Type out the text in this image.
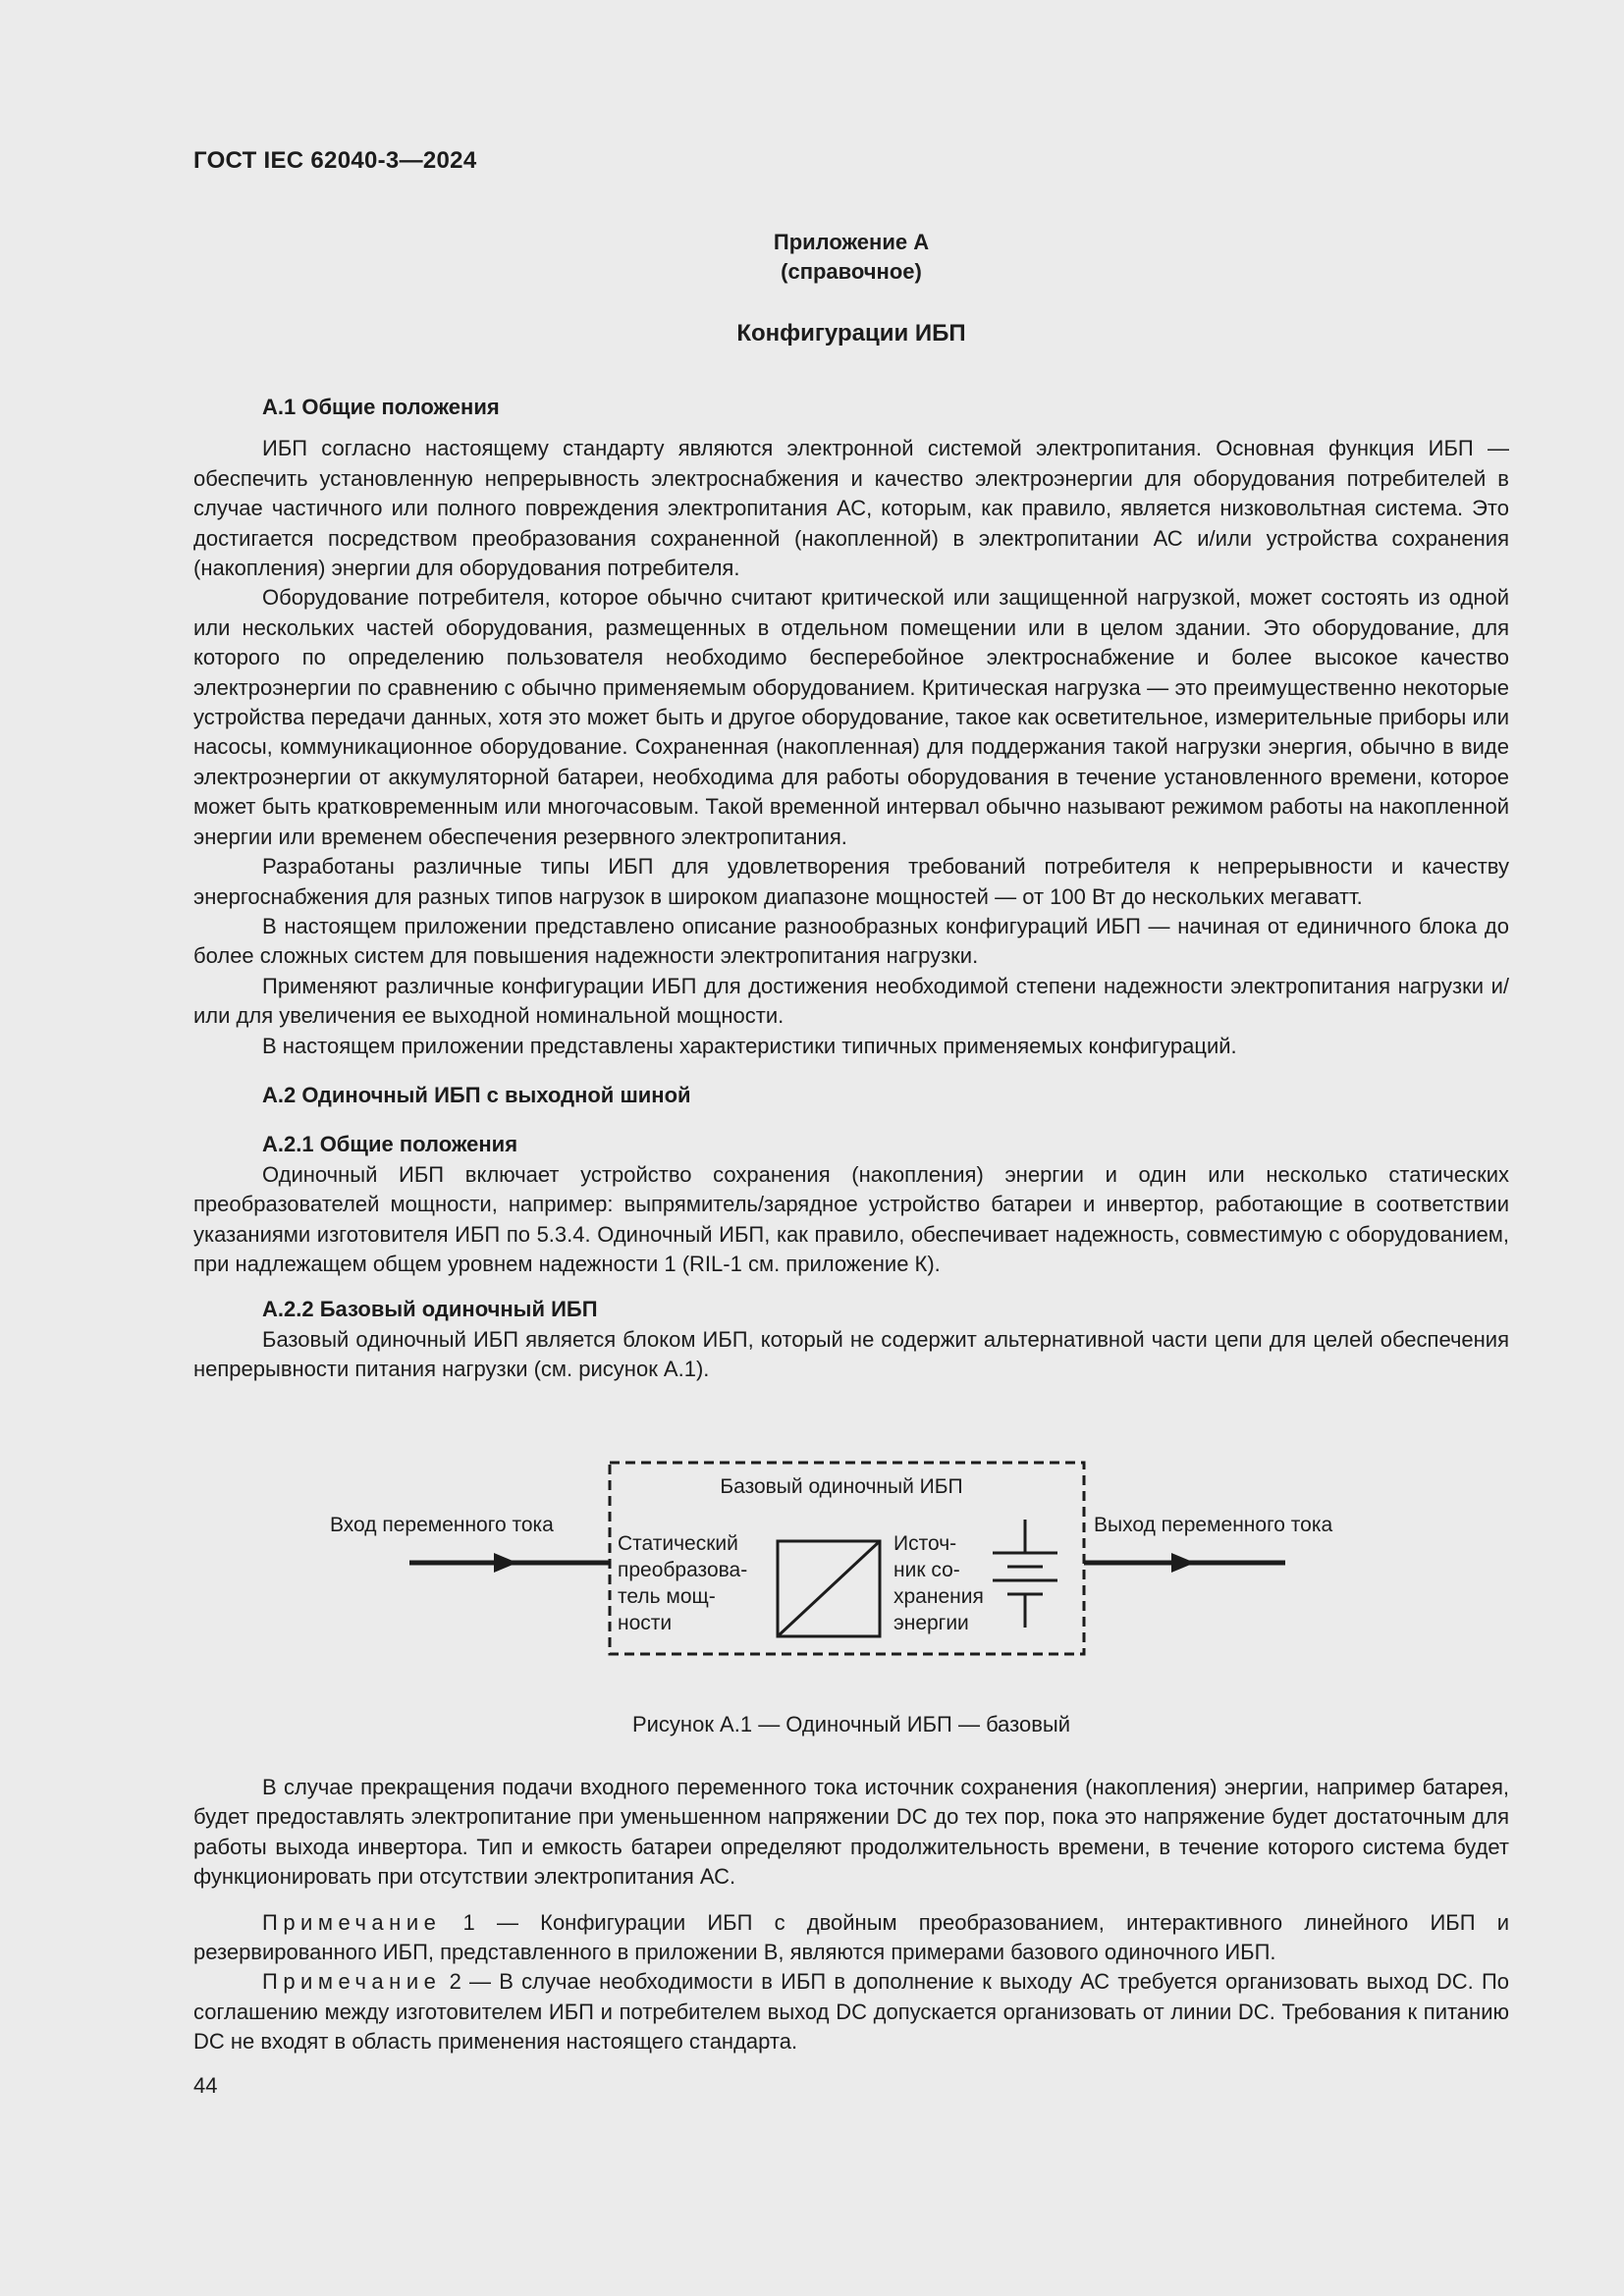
ГОСТ IEC 62040-3—2024
Приложение А
(справочное)
Конфигурации ИБП

А.1 Общие положения

ИБП согласно настоящему стандарту являются электронной системой электропитания. Основная функция ИБП — обеспечить установленную непрерывность электроснабжения и качество электроэнергии для оборудования потребителей в случае частичного или полного повреждения электропитания АС, которым, как правило, является низковольтная система. Это достигается посредством преобразования сохраненной (накопленной) в электропитании АС и/или устройства сохранения (накопления) энергии для оборудования потребителя.

Оборудование потребителя, которое обычно считают критической или защищенной нагрузкой, может состоять из одной или нескольких частей оборудования, размещенных в отдельном помещении или в целом здании. Это оборудование, для которого по определению пользователя необходимо бесперебойное электроснабжение и более высокое качество электроэнергии по сравнению с обычно применяемым оборудованием. Критическая нагрузка — это преимущественно некоторые устройства передачи данных, хотя это может быть и другое оборудование, такое как осветительное, измерительные приборы или насосы, коммуникационное оборудование. Сохраненная (накопленная) для поддержания такой нагрузки энергия, обычно в виде электроэнергии от аккумуляторной батареи, необходима для работы оборудования в течение установленного времени, которое может быть кратковременным или многочасовым. Такой временной интервал обычно называют режимом работы на накопленной энергии или временем обеспечения резервного электропитания.

Разработаны различные типы ИБП для удовлетворения требований потребителя к непрерывности и качеству энергоснабжения для разных типов нагрузок в широком диапазоне мощностей — от 100 Вт до нескольких мегаватт.

В настоящем приложении представлено описание разнообразных конфигураций ИБП — начиная от единичного блока до более сложных систем для повышения надежности электропитания нагрузки.

Применяют различные конфигурации ИБП для достижения необходимой степени надежности электропитания нагрузки и/или для увеличения ее выходной номинальной мощности.

В настоящем приложении представлены характеристики типичных применяемых конфигураций.

А.2 Одиночный ИБП с выходной шиной

А.2.1 Общие положения

Одиночный ИБП включает устройство сохранения (накопления) энергии и один или несколько статических преобразователей мощности, например: выпрямитель/зарядное устройство батареи и инвертор, работающие в соответствии указаниями изготовителя ИБП по 5.3.4. Одиночный ИБП, как правило, обеспечивает надежность, совместимую с оборудованием, при надлежащем общем уровнем надежности 1 (RIL-1 см. приложение К).

А.2.2 Базовый одиночный ИБП

Базовый одиночный ИБП является блоком ИБП, который не содержит альтернативной части цепи для целей обеспечения непрерывности питания нагрузки (см. рисунок А.1).

Базовый одиночный ИБП
Вход переменного тока
Статический
преобразова-
тель мощ-
ности
Источ-
ник со-
хранения
энергии
Выход переменного тока
Рисунок А.1 — Одиночный ИБП — базовый

В случае прекращения подачи входного переменного тока источник сохранения (накопления) энергии, например батарея, будет предоставлять электропитание при уменьшенном напряжении DC до тех пор, пока это напряжение будет достаточным для работы выхода инвертора. Тип и емкость батареи определяют продолжительность времени, в течение которого система будет функционировать при отсутствии электропитания АС.

Примечание 1 — Конфигурации ИБП с двойным преобразованием, интерактивного линейного ИБП и резервированного ИБП, представленного в приложении В, являются примерами базового одиночного ИБП.

Примечание 2 — В случае необходимости в ИБП в дополнение к выходу АС требуется организовать выход DC. По соглашению между изготовителем ИБП и потребителем выход DC допускается организовать от линии DC. Требования к питанию DC не входят в область применения настоящего стандарта.

44
